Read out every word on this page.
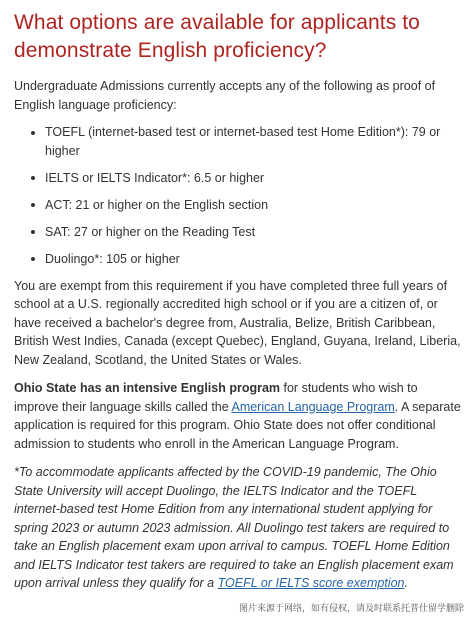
What options are available for applicants to demonstrate English proficiency?

Undergraduate Admissions currently accepts any of the following as proof of English language proficiency:

TOEFL (internet-based test or internet-based test Home Edition*): 79 or higher
IELTS or IELTS Indicator*: 6.5 or higher
ACT: 21 or higher on the English section
SAT: 27 or higher on the Reading Test
Duolingo*: 105 or higher

You are exempt from this requirement if you have completed three full years of school at a U.S. regionally accredited high school or if you are a citizen of, or have received a bachelor's degree from, Australia, Belize, British Caribbean, British West Indies, Canada (except Quebec), England, Guyana, Ireland, Liberia, New Zealand, Scotland, the United States or Wales.

Ohio State has an intensive English program for students who wish to improve their language skills called the American Language Program. A separate application is required for this program. Ohio State does not offer conditional admission to students who enroll in the American Language Program.

*To accommodate applicants affected by the COVID-19 pandemic, The Ohio State University will accept Duolingo, the IELTS Indicator and the TOEFL internet-based test Home Edition from any international student applying for spring 2023 or autumn 2023 admission. All Duolingo test takers are required to take an English placement exam upon arrival to campus. TOEFL Home Edition and IELTS Indicator test takers are required to take an English placement exam upon arrival unless they qualify for a TOEFL or IELTS score exemption.

图片来源于网络，如有侵权，请及时联系托普仕留学删除
